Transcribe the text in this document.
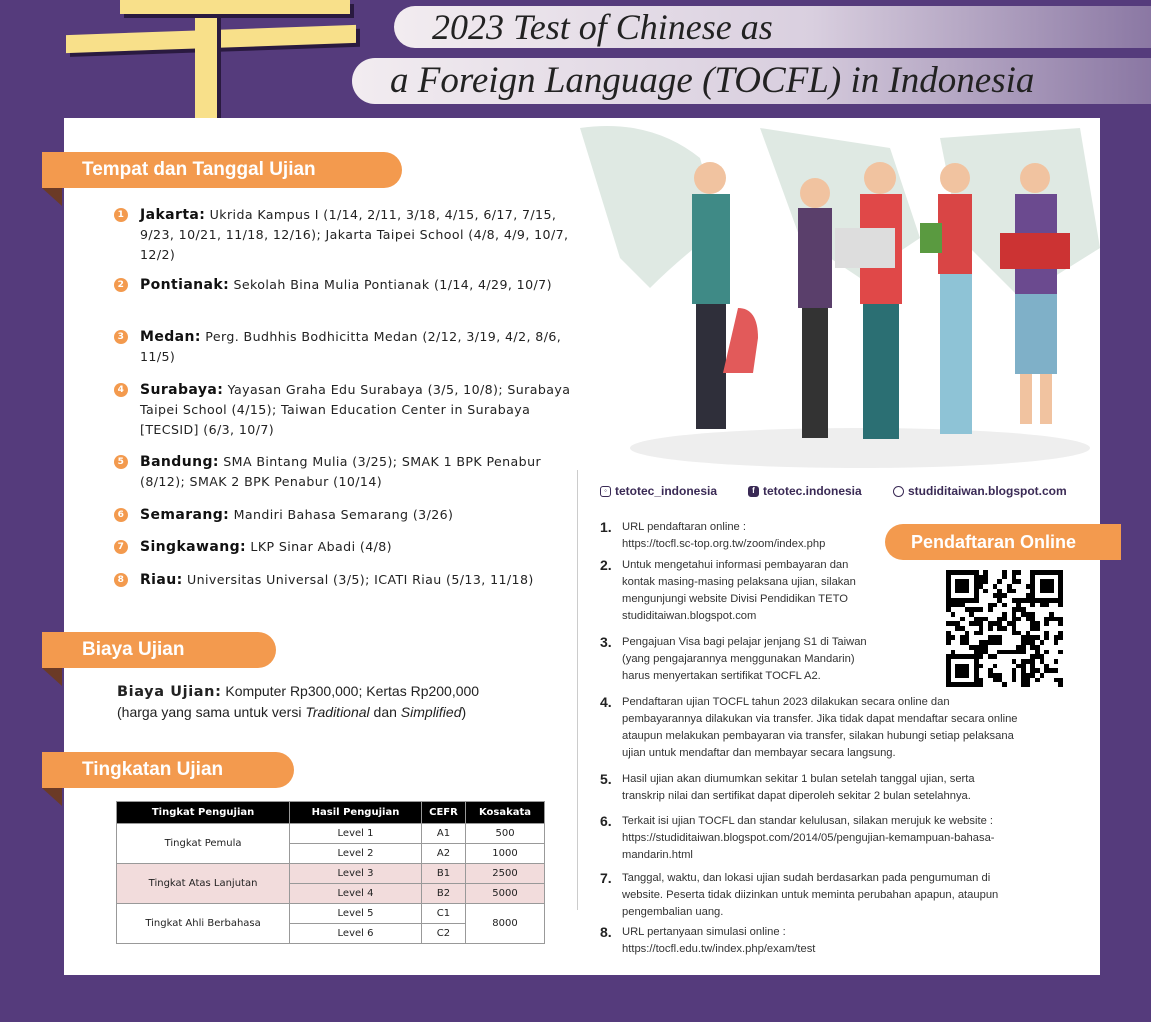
2023 Test of Chinese as
a Foreign Language (TOCFL) in Indonesia
Tempat dan Tanggal Ujian
Biaya Ujian
Tingkatan Ujian
1	Jakarta: Ukrida Kampus I (1/14, 2/11, 3/18, 4/15, 6/17, 7/15, 9/23, 10/21, 11/18, 12/16); Jakarta Taipei School (4/8, 4/9, 10/7, 12/2)
2	Pontianak: Sekolah Bina Mulia Pontianak (1/14, 4/29, 10/7)
3	Medan: Perg. Budhhis Bodhicitta Medan (2/12, 3/19, 4/2, 8/6, 11/5)
4	Surabaya: Yayasan Graha Edu Surabaya (3/5, 10/8); Surabaya Taipei School (4/15); Taiwan Education Center in Surabaya [TECSID] (6/3, 10/7)
5	Bandung: SMA Bintang Mulia (3/25); SMAK 1 BPK Penabur (8/12); SMAK 2 BPK Penabur (10/14)
6	Semarang: Mandiri Bahasa Semarang (3/26)
7	Singkawang: LKP Sinar Abadi (4/8)
8	Riau: Universitas Universal (3/5); ICATI Riau (5/13, 11/18)
Biaya Ujian: Komputer Rp300,000; Kertas Rp200,000
(harga yang sama untuk versi Traditional dan Simplified)
Tingkat Pengujian	Hasil Pengujian	CEFR	Kosakata
Tingkat Pemula	Level 1	A1	500
	Level 2	A2	1000
Tingkat Atas Lanjutan	Level 3	B1	2500
	Level 4	B2	5000
Tingkat Ahli Berbahasa	Level 5	C1	8000
	Level 6	C2	
◦ tetotec_indonesia	f tetotec.indonesia	studiditaiwan.blogspot.com
Pendaftaran Online
1. URL pendaftaran online :
https://tocfl.sc-top.org.tw/zoom/index.php
2. Untuk mengetahui informasi pembayaran dan
kontak masing-masing pelaksana ujian, silakan
mengunjungi website Divisi Pendidikan TETO
studiditaiwan.blogspot.com
3. Pengajuan Visa bagi pelajar jenjang S1 di Taiwan
(yang pengajarannya menggunakan Mandarin)
harus menyertakan sertifikat TOCFL A2.
4. Pendaftaran ujian TOCFL tahun 2023 dilakukan secara online dan
pembayarannya dilakukan via transfer. Jika tidak dapat mendaftar secara online
ataupun melakukan pembayaran via transfer, silakan hubungi setiap pelaksana
ujian untuk mendaftar dan membayar secara langsung.
5. Hasil ujian akan diumumkan sekitar 1 bulan setelah tanggal ujian, serta
transkrip nilai dan sertifikat dapat diperoleh sekitar 2 bulan setelahnya.
6. Terkait isi ujian TOCFL dan standar kelulusan, silakan merujuk ke website :
https://studiditaiwan.blogspot.com/2014/05/pengujian-kemampuan-bahasa-
mandarin.html
7. Tanggal, waktu, dan lokasi ujian sudah berdasarkan pada pengumuman di
website. Peserta tidak diizinkan untuk meminta perubahan apapun, ataupun
pengembalian uang.
8. URL pertanyaan simulasi online :
https://tocfl.edu.tw/index.php/exam/test
